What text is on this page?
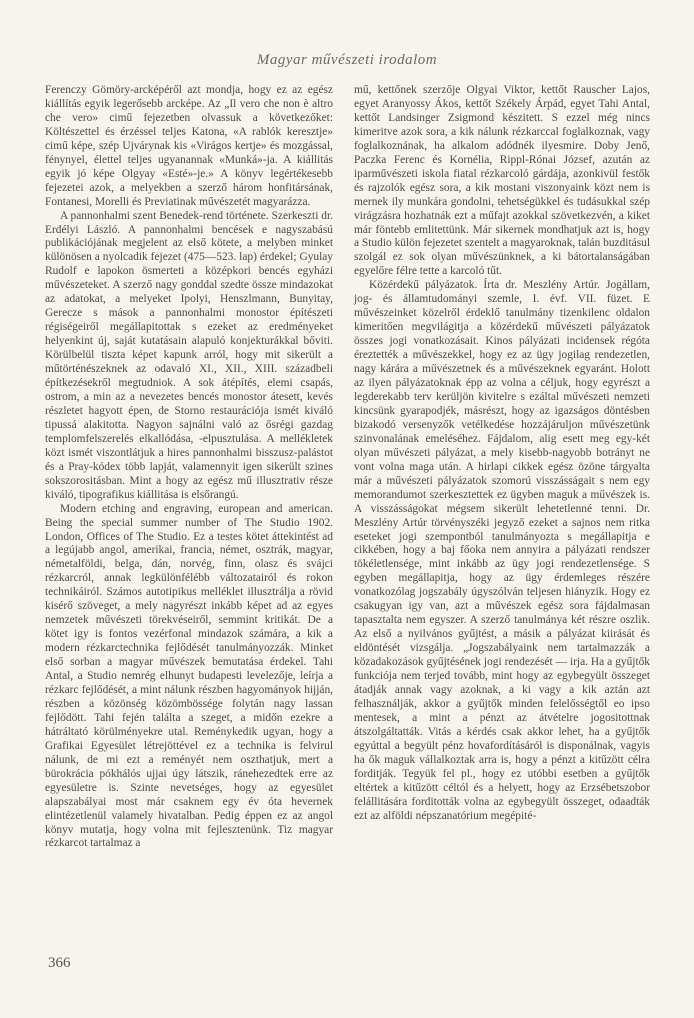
Magyar művészeti irodalom

Ferenczy Gömöry-arcképéről azt mondja, hogy ez az egész kiállítás egyik legerősebb arcképe. Az „Il vero che non è altro che vero» cimű fejezetben olvassuk a következőket: Költészettel és érzéssel teljes Katona, «A rablók keresztje» cimű képe, szép Ujvárynak kis «Virágos kertje» és mozgással, fénynyel, élettel teljes ugyanannak «Munká»-ja. A kiállitás egyik jó képe Olgyay «Esté»-je.» A könyv legértékesebb fejezetei azok, a melyekben a szerző három honfitársának, Fontanesi, Morelli és Previatinak művészetét magyarázza.

A pannonhalmi szent Benedek-rend története. Szerkeszti dr. Erdélyi László. A pannonhalmi bencések e nagyszabású publikációjának megjelent az első kötete, a melyben minket különösen a nyolcadik fejezet (475—523. lap) érdekel; Gyulay Rudolf e lapokon ösmerteti a középkori bencés egyházi művészeteket. A szerző nagy gonddal szedte össze mindazokat az adatokat, a melyeket Ipolyi, Henszlmann, Bunyitay, Gerecze s mások a pannonhalmi monostor építészeti régiségeiről megállapitottak s ezeket az eredményeket helyenkint új, saját kutatásain alapuló konjekturákkal bőviti. Körülbelül tiszta képet kapunk arról, hogy mit sikerült a műtörténészeknek az odavaló XI., XII., XIII. századbeli építkezésekről megtudniok. A sok átépítés, elemi csapás, ostrom, a min az a nevezetes bencés monostor átesett, kevés részletet hagyott épen, de Storno restaurációja ismét kiváló tipussá alakitotta. Nagyon sajnálni való az ősrégi gazdag templomfelszerelés elkallódása, -elpusztulása. A mellékletek közt ismét viszontlátjuk a hires pannonhalmi bisszusz-palástot és a Pray-kódex több lapját, valamennyit igen sikerült szines sokszorositásban. Mint a hogy az egész mű illusztrativ része kiváló, tipografikus kiállitása is elsőrangú.

Modern etching and engraving, european and american. Being the special summer number of The Studio 1902. London, Offices of The Studio. Ez a testes kötet áttekintést ad a legújabb angol, amerikai, francia, német, osztrák, magyar, németalföldi, belga, dán, norvég, finn, olasz és svájci rézkarcról, annak legkülönfélébb változatairól és rokon technikáiról. Számos autotipikus melléklet illusztrálja a rövid kisérő szöveget, a mely nagyrészt inkább képet ad az egyes nemzetek művészeti törekvéseiről, semmint kritikát. De a kötet igy is fontos vezérfonal mindazok számára, a kik a modern rézkarctechnika fejlődését tanulmányozzák. Minket első sorban a magyar művészek bemutatása érdekel. Tahi Antal, a Studio nemrég elhunyt budapesti levelezője, leírja a rézkarc fejlődését, a mint nálunk részben hagyományok hijján, részben a közönség közömbössége folytán nagy lassan fejlődött. Tahi fején találta a szeget, a midőn ezekre a hátráltató körülményekre utal. Reménykedik ugyan, hogy a Grafikai Egyesület létrejöttével ez a technika is felvirul nálunk, de mi ezt a reményét nem oszthatjuk, mert a bürokrácia pókhálós ujjai úgy látszik, ránehezedtek erre az egyesületre is. Szinte nevetséges, hogy az egyesület alapszabályai most már csaknem egy év óta hevernek elintézetlenül valamely hivatalban. Pedig éppen ez az angol könyv mutatja, hogy volna mit fejlesztenünk. Tiz magyar rézkarcot tartalmaz a

mű, kettőnek szerzője Olgyai Viktor, kettőt Rauscher Lajos, egyet Aranyossy Ákos, kettőt Székely Árpád, egyet Tahi Antal, kettőt Landsinger Zsigmond készitett. S ezzel még nincs kimeritve azok sora, a kik nálunk rézkarccal foglalkoznak, vagy foglalkoznának, ha alkalom adódnék ilyesmire. Doby Jenő, Paczka Ferenc és Kornélia, Rippl-Rónai József, azután az iparművészeti iskola fiatal rézkarcoló gárdája, azonkivül festők és rajzolók egész sora, a kik mostani viszonyaink közt nem is mernek ily munkára gondolni, tehetségükkel és tudásukkal szép virágzásra hozhatnák ezt a műfajt azokkal szövetkezvén, a kiket már föntebb emlitettünk. Már sikernek mondhatjuk azt is, hogy a Studio külön fejezetet szentelt a magyaroknak, talán buzditásul szolgál ez sok olyan művészünknek, a ki bátortalanságában egyelőre félre tette a karcoló tűt.

Közérdekű pályázatok. Írta dr. Meszlény Artúr. Jogállam, jog- és államtudományi szemle, I. évf. VII. füzet. E művészeinket közelről érdeklő tanulmány tizenkilenc oldalon kimeritően megvilágitja a közérdekű művészeti pályázatok összes jogi vonatkozásait. Kinos pályázati incidensek régóta éreztették a művészekkel, hogy ez az ügy jogilag rendezetlen, nagy kárára a művészetnek és a művészeknek egyaránt. Holott az ilyen pályázatoknak épp az volna a céljuk, hogy egyrészt a legderekabb terv kerüljön kivitelre s ezáltal művészeti nemzeti kincsünk gyarapodjék, másrészt, hogy az igazságos döntésben bizakodó versenyzők vetélkedése hozzájáruljon művészetünk szinvonalának emeléséhez. Fájdalom, alig esett meg egy-két olyan művészeti pályázat, a mely kisebb-nagyobb botrányt ne vont volna maga után. A hirlapi cikkek egész özöne tárgyalta már a művészeti pályázatok szomorú visszásságait s nem egy memorandumot szerkesztettek ez ügyben maguk a művészek is. A visszásságokat mégsem sikerült lehetetlenné tenni. Dr. Meszlény Artúr törvényszéki jegyző ezeket a sajnos nem ritka eseteket jogi szempontból tanulmányozta s megállapitja e cikkében, hogy a baj főoka nem annyira a pályázati rendszer tökéletlensége, mint inkább az ügy jogi rendezetlensége. S egyben megállapitja, hogy az ügy érdemleges részére vonatkozólag jogszabály úgyszólván teljesen hiányzik. Hogy ez csakugyan igy van, azt a művészek egész sora fájdalmasan tapasztalta nem egyszer. A szerző tanulmánya két részre oszlik. Az első a nyilvános gyűjtést, a másik a pályázat kiirását és eldöntését vizsgálja. „Jogszabályaink nem tartalmazzák a közadakozások gyűjtésének jogi rendezését — irja. Ha a gyűjtők funkciója nem terjed tovább, mint hogy az egybegyült összeget átadják annak vagy azoknak, a ki vagy a kik aztán azt felhasználják, akkor a gyűjtők minden felelősségtől eo ipso mentesek, a mint a pénzt az átvételre jogositottnak átszolgáltatták. Vitás a kérdés csak akkor lehet, ha a gyűjtők egyúttal a begyült pénz hovafordításáról is disponálnak, vagyis ha ők maguk vállalkoztak arra is, hogy a pénzt a kitűzött célra forditják. Tegyük fel pl., hogy ez utóbbi esetben a gyűjtők eltértek a kitűzött céltól és a helyett, hogy az Erzsébetszobor felállitására forditották volna az egybegyült összeget, odaadták ezt az alföldi népszanatórium megépité-

366
